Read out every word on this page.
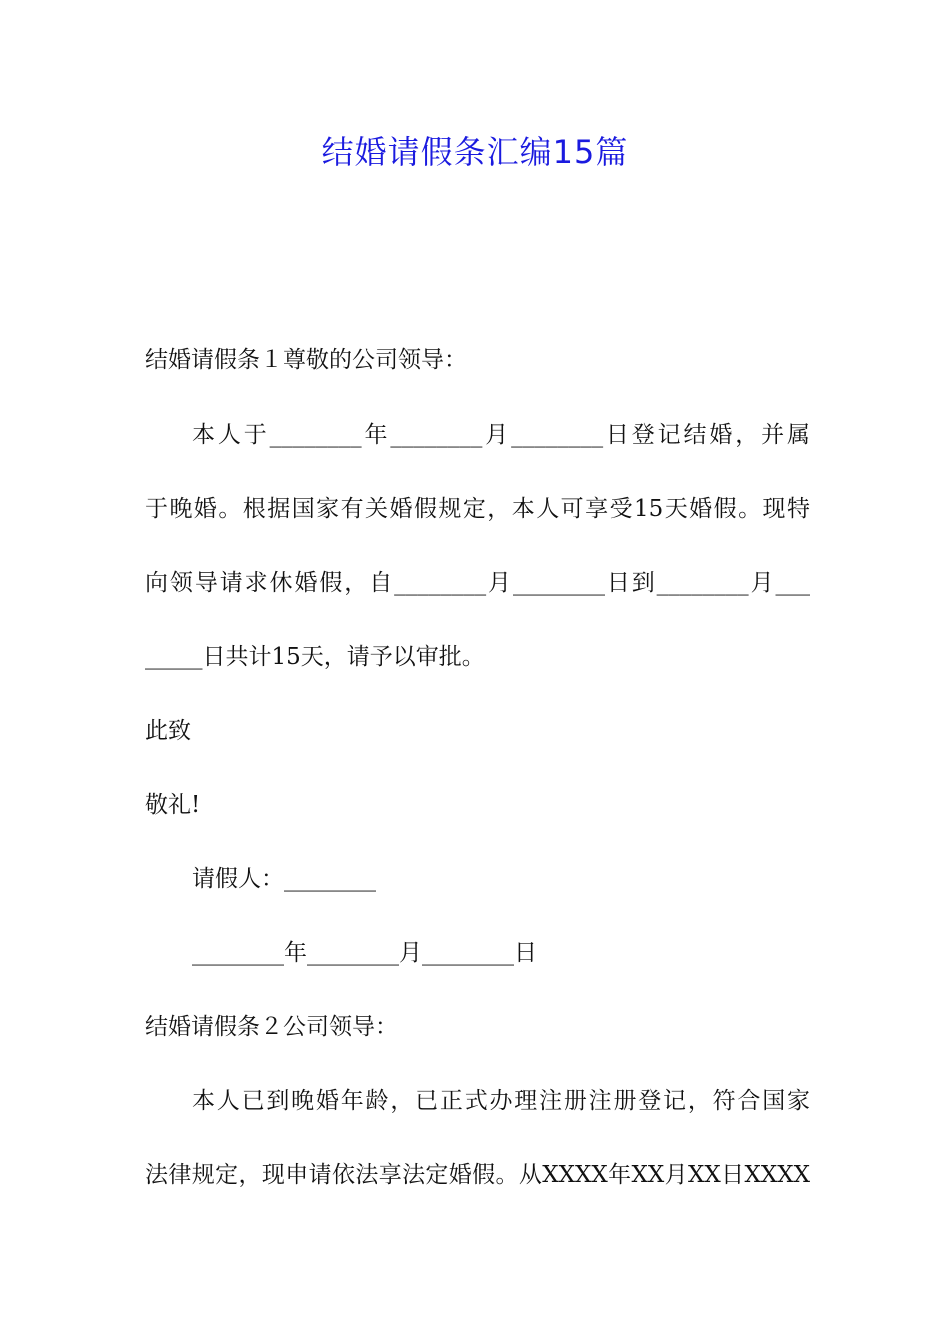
结婚请假条汇编15篇

结婚请假条１尊敬的公司领导：

本人于________年________月________日登记结婚，并属

于晚婚。根据国家有关婚假规定，本人可享受15天婚假。现特

向领导请求休婚假，自________月________日到________月___

_____日共计15天，请予以审批。

此致

敬礼!

请假人：________

________年________月________日

结婚请假条２公司领导：

本人已到晚婚年龄，已正式办理注册注册登记，符合国家

法律规定，现申请依法享法定婚假。从XXXX年XX月XX日XXXX
